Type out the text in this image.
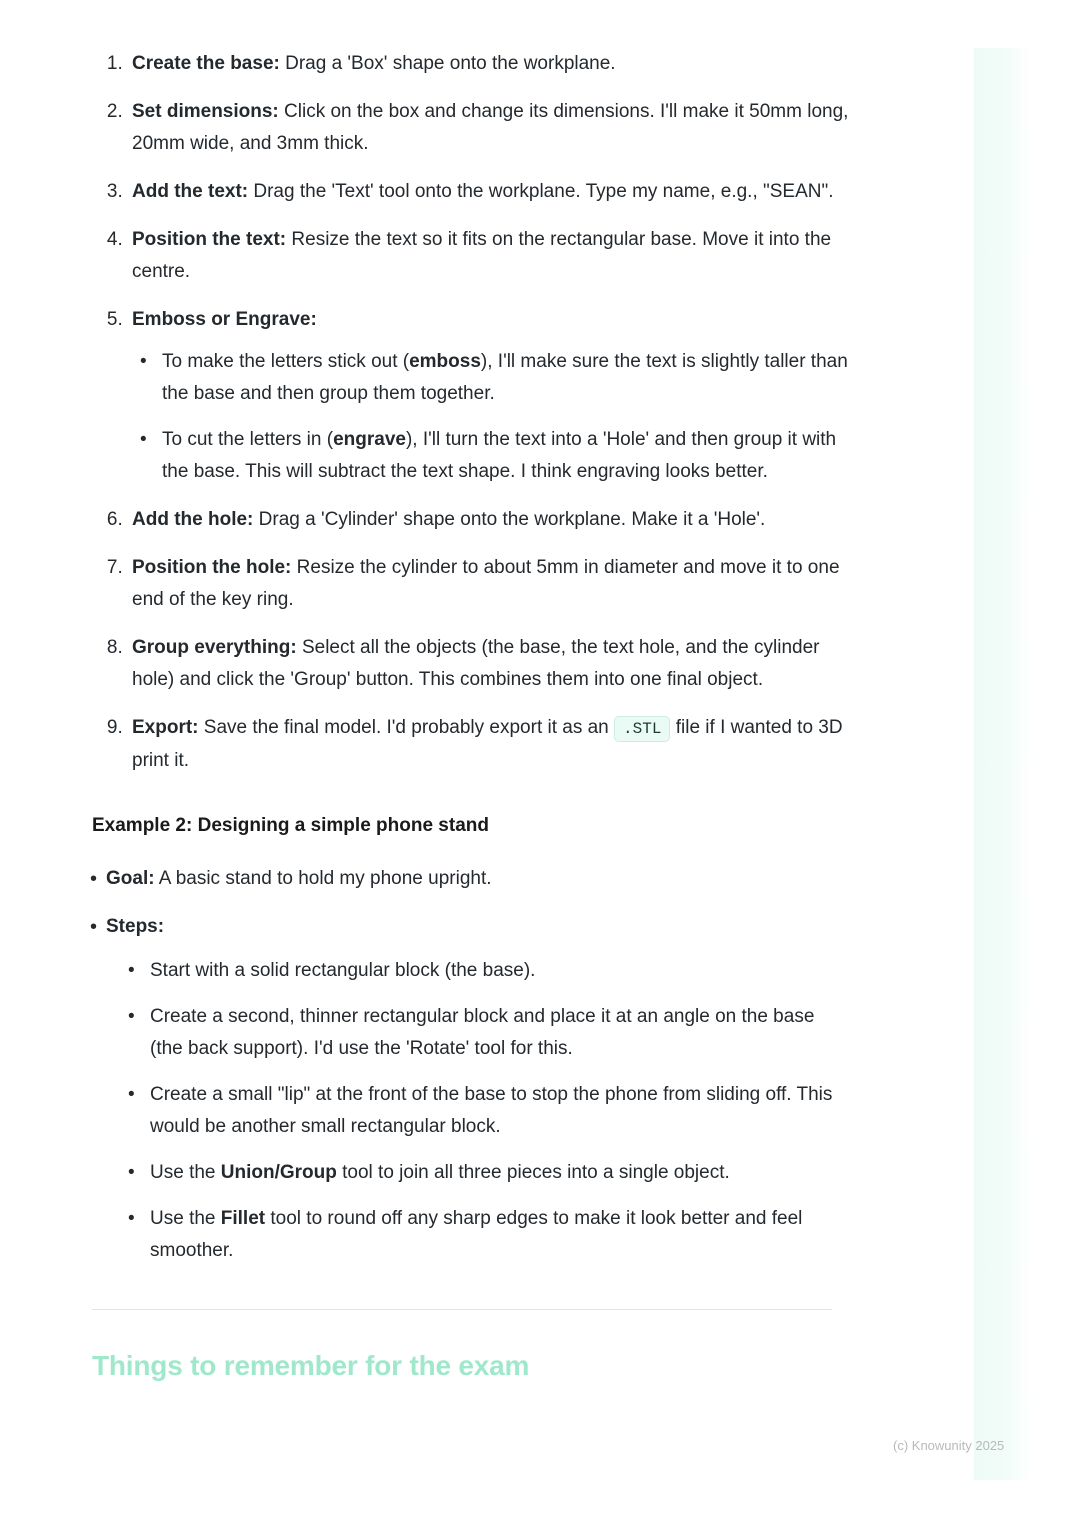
1. Create the base: Drag a 'Box' shape onto the workplane.
2. Set dimensions: Click on the box and change its dimensions. I'll make it 50mm long, 20mm wide, and 3mm thick.
3. Add the text: Drag the 'Text' tool onto the workplane. Type my name, e.g., "SEAN".
4. Position the text: Resize the text so it fits on the rectangular base. Move it into the centre.
5. Emboss or Engrave:
• To make the letters stick out (emboss), I'll make sure the text is slightly taller than the base and then group them together.
• To cut the letters in (engrave), I'll turn the text into a 'Hole' and then group it with the base. This will subtract the text shape. I think engraving looks better.
6. Add the hole: Drag a 'Cylinder' shape onto the workplane. Make it a 'Hole'.
7. Position the hole: Resize the cylinder to about 5mm in diameter and move it to one end of the key ring.
8. Group everything: Select all the objects (the base, the text hole, and the cylinder hole) and click the 'Group' button. This combines them into one final object.
9. Export: Save the final model. I'd probably export it as an .STL file if I wanted to 3D print it.
Example 2: Designing a simple phone stand
• Goal: A basic stand to hold my phone upright.
• Steps:
• Start with a solid rectangular block (the base).
• Create a second, thinner rectangular block and place it at an angle on the base (the back support). I'd use the 'Rotate' tool for this.
• Create a small "lip" at the front of the base to stop the phone from sliding off. This would be another small rectangular block.
• Use the Union/Group tool to join all three pieces into a single object.
• Use the Fillet tool to round off any sharp edges to make it look better and feel smoother.
Things to remember for the exam
(c) Knowunity 2025
